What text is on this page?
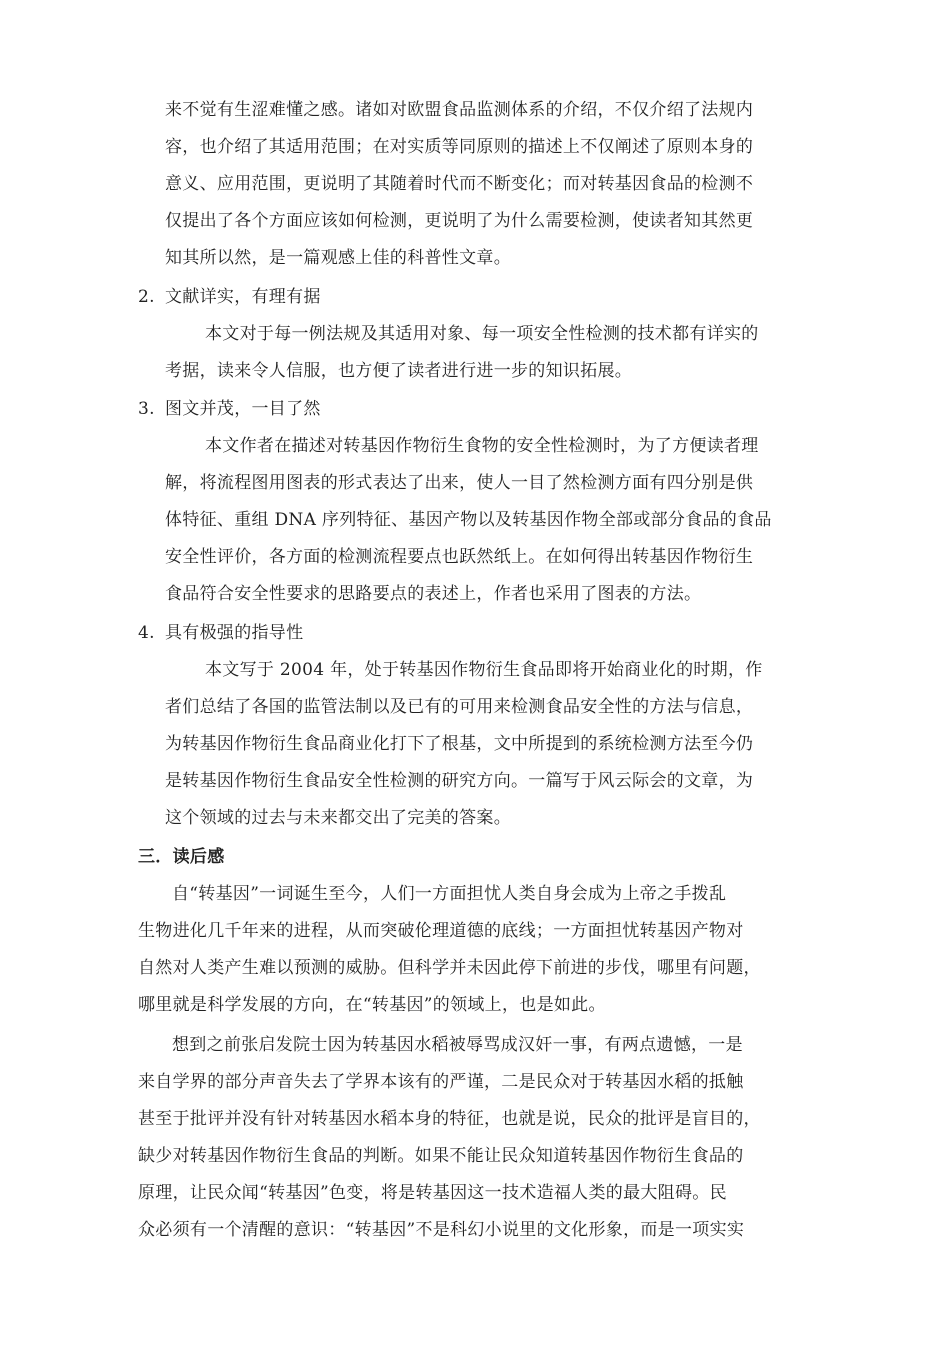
来不觉有生涩难懂之感。诸如对欧盟食品监测体系的介绍，不仅介绍了法规内
容，也介绍了其适用范围；在对实质等同原则的描述上不仅阐述了原则本身的
意义、应用范围，更说明了其随着时代而不断变化；而对转基因食品的检测不
仅提出了各个方面应该如何检测，更说明了为什么需要检测，使读者知其然更
知其所以然，是一篇观感上佳的科普性文章。
2. 文献详实，有理有据
本文对于每一例法规及其适用对象、每一项安全性检测的技术都有详实的
考据，读来令人信服，也方便了读者进行进一步的知识拓展。
3. 图文并茂，一目了然
本文作者在描述对转基因作物衍生食物的安全性检测时，为了方便读者理
解，将流程图用图表的形式表达了出来，使人一目了然检测方面有四分别是供
体特征、重组 DNA 序列特征、基因产物以及转基因作物全部或部分食品的食品
安全性评价，各方面的检测流程要点也跃然纸上。在如何得出转基因作物衍生
食品符合安全性要求的思路要点的表述上，作者也采用了图表的方法。
4. 具有极强的指导性
本文写于 2004 年，处于转基因作物衍生食品即将开始商业化的时期，作
者们总结了各国的监管法制以及已有的可用来检测食品安全性的方法与信息，
为转基因作物衍生食品商业化打下了根基，文中所提到的系统检测方法至今仍
是转基因作物衍生食品安全性检测的研究方向。一篇写于风云际会的文章，为
这个领域的过去与未来都交出了完美的答案。
三．读后感
自“转基因”一词诞生至今，人们一方面担忧人类自身会成为上帝之手拨乱
生物进化几千年来的进程，从而突破伦理道德的底线；一方面担忧转基因产物对
自然对人类产生难以预测的威胁。但科学并未因此停下前进的步伐，哪里有问题，
哪里就是科学发展的方向，在“转基因”的领域上，也是如此。
想到之前张启发院士因为转基因水稻被辱骂成汉奸一事，有两点遗憾，一是
来自学界的部分声音失去了学界本该有的严谨，二是民众对于转基因水稻的抵触
甚至于批评并没有针对转基因水稻本身的特征，也就是说，民众的批评是盲目的，
缺少对转基因作物衍生食品的判断。如果不能让民众知道转基因作物衍生食品的
原理，让民众闻“转基因”色变，将是转基因这一技术造福人类的最大阻碍。民
众必须有一个清醒的意识：“转基因”不是科幻小说里的文化形象，而是一项实实
